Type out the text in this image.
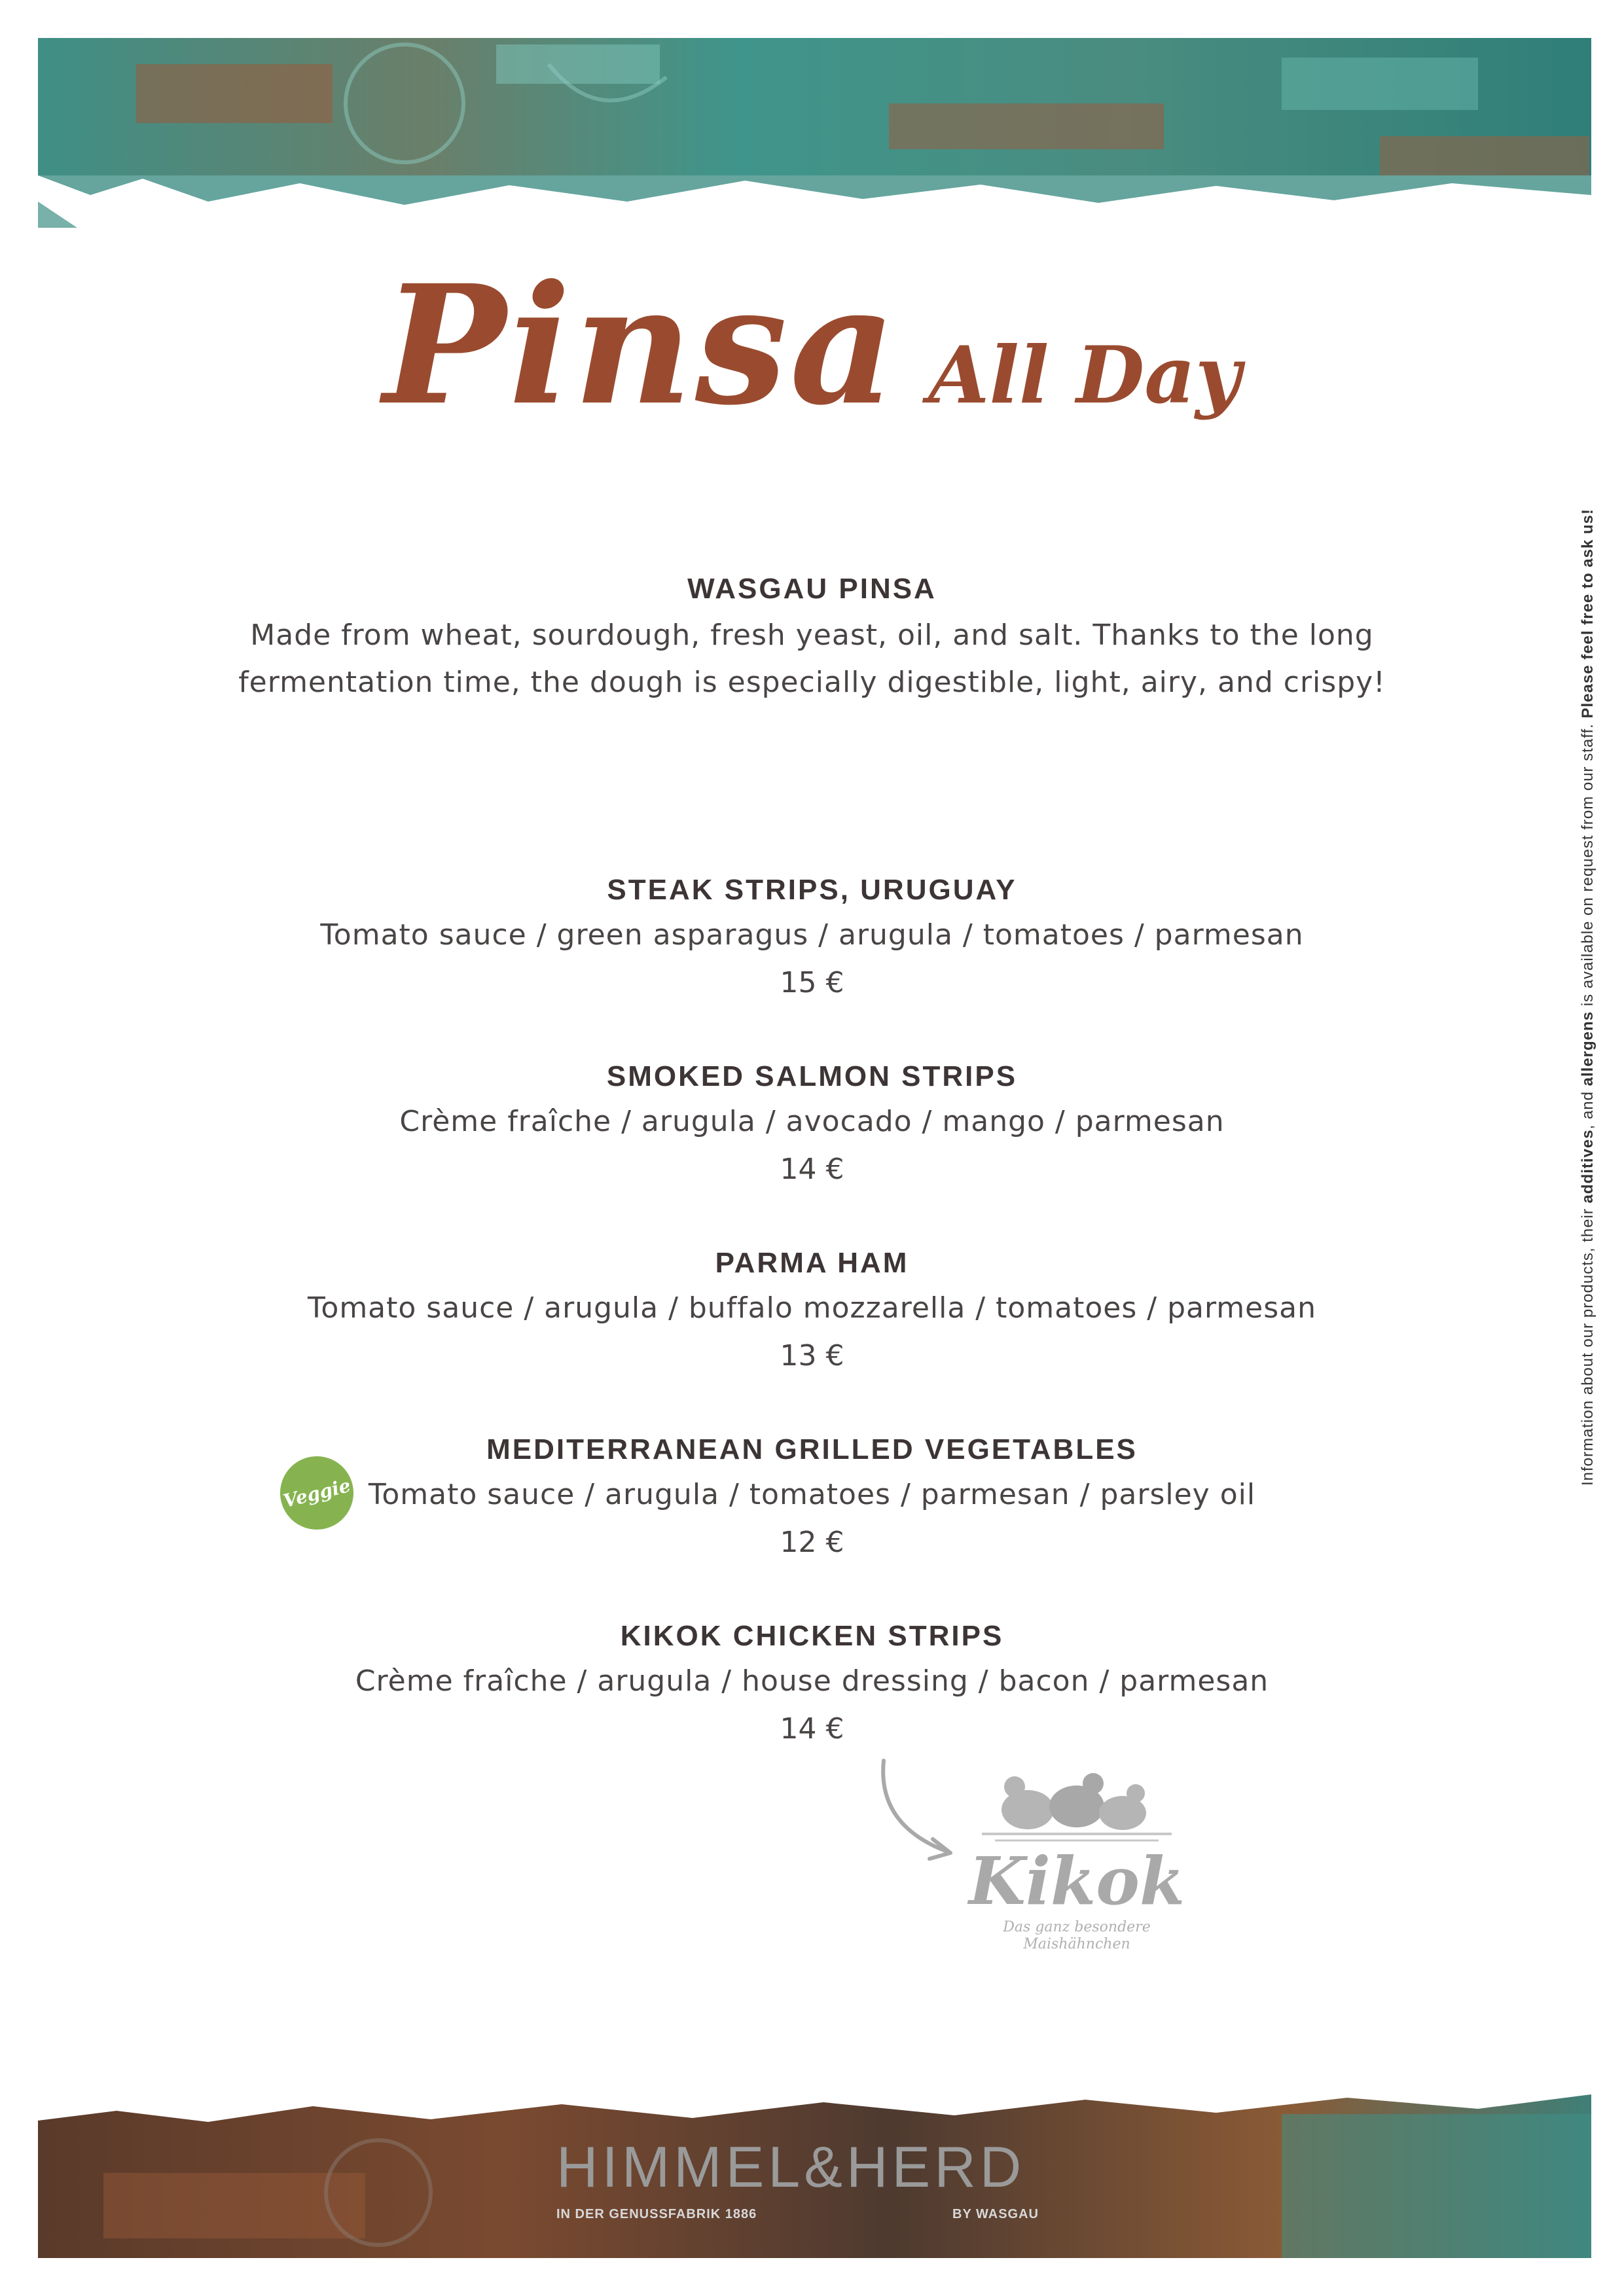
Pinsa All Day
WASGAU PINSA
Made from wheat, sourdough, fresh yeast, oil, and salt. Thanks to the long
fermentation time, the dough is especially digestible, light, airy, and crispy!
STEAK STRIPS, URUGUAY
Tomato sauce / green asparagus / arugula / tomatoes / parmesan
15 €
SMOKED SALMON STRIPS
Crème fraîche / arugula / avocado / mango / parmesan
14 €
PARMA HAM
Tomato sauce / arugula / buffalo mozzarella / tomatoes / parmesan
13 €
MEDITERRANEAN GRILLED VEGETABLES
Tomato sauce / arugula / tomatoes / parmesan / parsley oil
12 €
KIKOK CHICKEN STRIPS
Crème fraîche / arugula / house dressing / bacon / parmesan
14 €
Veggie
Kikok
Das ganz besondere Maishähnchen
Information about our products, their additives, and allergens is available on request from our staff. Please feel free to ask us!
HIMMEL&HERD
IN DER GENUSSFABRIK 1886	BY WASGAU
